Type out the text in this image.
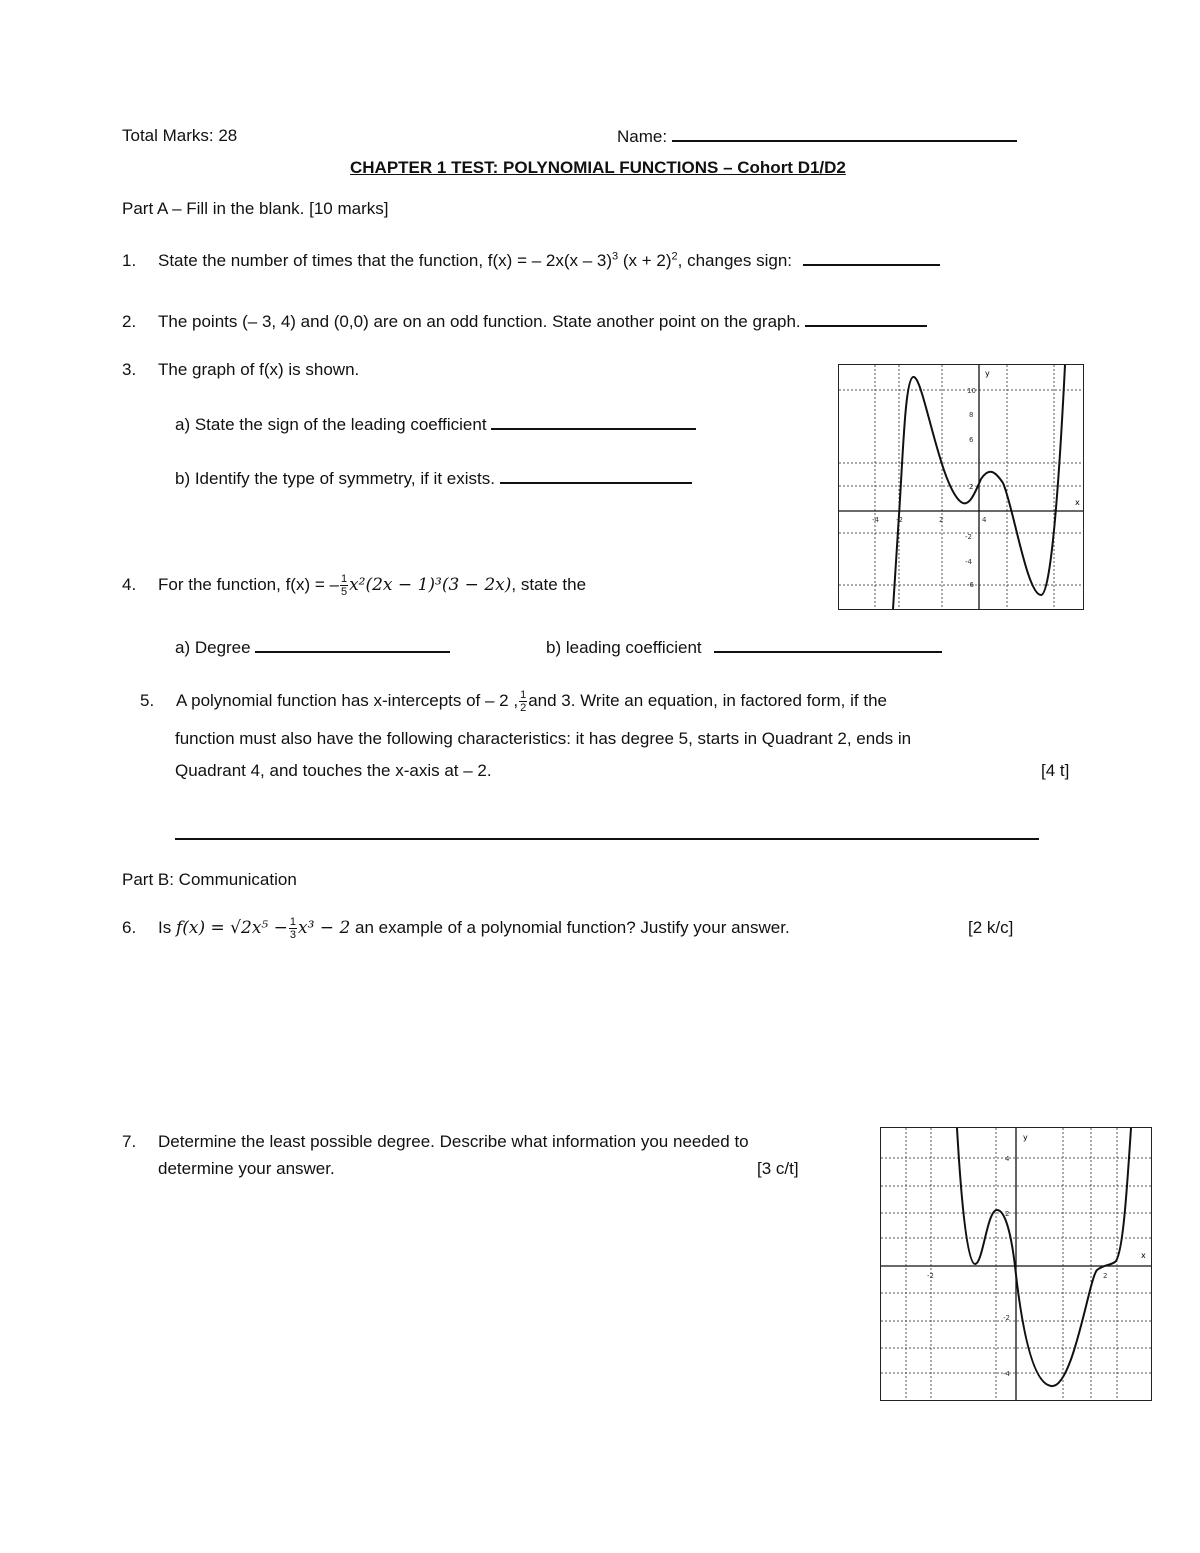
Total Marks: 28	Name:
CHAPTER 1 TEST: POLYNOMIAL FUNCTIONS – Cohort D1/D2
Part A – Fill in the blank. [10 marks]
1. State the number of times that the function, f(x) = – 2x(x – 3)$^3$ $(x + 2)^2$, changes sign:
2. The points (– 3, 4) and (0,0) are on an odd function. State another point on the graph.
3. The graph of f(x) is shown.
a) State the sign of the leading coefficient
b) Identify the type of symmetry, if it exists.
y
x
10
8
6
2
-2
-4
-6
-4 -2	2	4
4. For the function, f(x) = – $\frac{1}{5} x^2(2x - 1)^3(3 - 2x)$, state the
a) Degree	b) leading coefficient
5. A polynomial function has x-intercepts of – 2 , $\frac{1}{2}$ and 3. Write an equation, in factored form, if the
function must also have the following characteristics: it has degree 5, starts in Quadrant 2, ends in
Quadrant 4, and touches the x-axis at – 2.	[4 t]
Part B: Communication
6. Is $f(x) = √2x^5 - \frac{1}{3} x^3 - 2$ an example of a polynomial function? Justify your answer.	[2 k/c]
7. Determine the least possible degree. Describe what information you needed to
determine your answer.	[3 c/t]
y
x
4
2
-2
-4
-2	2
